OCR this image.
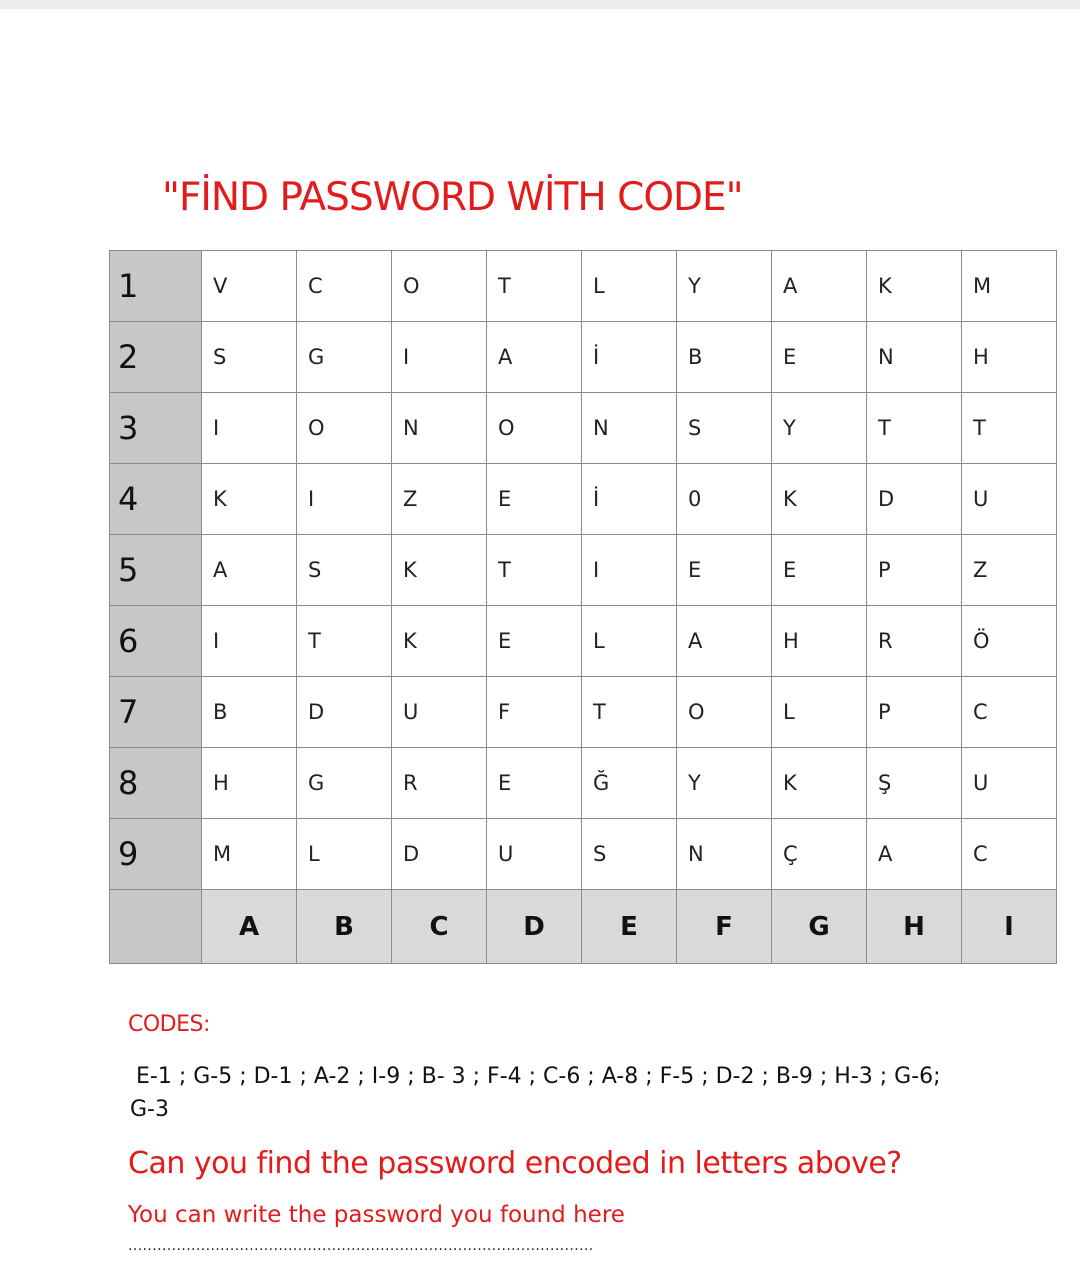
"FİND PASSWORD WİTH CODE"
1	V	C	O	T	L	Y	A	K	M
2	S	G	I	A	İ	B	E	N	H
3	I	O	N	O	N	S	Y	T	T
4	K	I	Z	E	İ	0	K	D	U
5	A	S	K	T	I	E	E	P	Z
6	I	T	K	E	L	A	H	R	Ö
7	B	D	U	F	T	O	L	P	C
8	H	G	R	E	Ğ	Y	K	Ş	U
9	M	L	D	U	S	N	Ç	A	C
	A	B	C	D	E	F	G	H	I
CODES:
E-1 ; G-5 ; D-1 ; A-2 ; I-9 ; B- 3 ; F-4 ; C-6 ; A-8 ; F-5 ; D-2 ; B-9 ; H-3 ; G-6; G-3
Can you find the password encoded in letters above?
You can write the password you found here
................................................................................................
